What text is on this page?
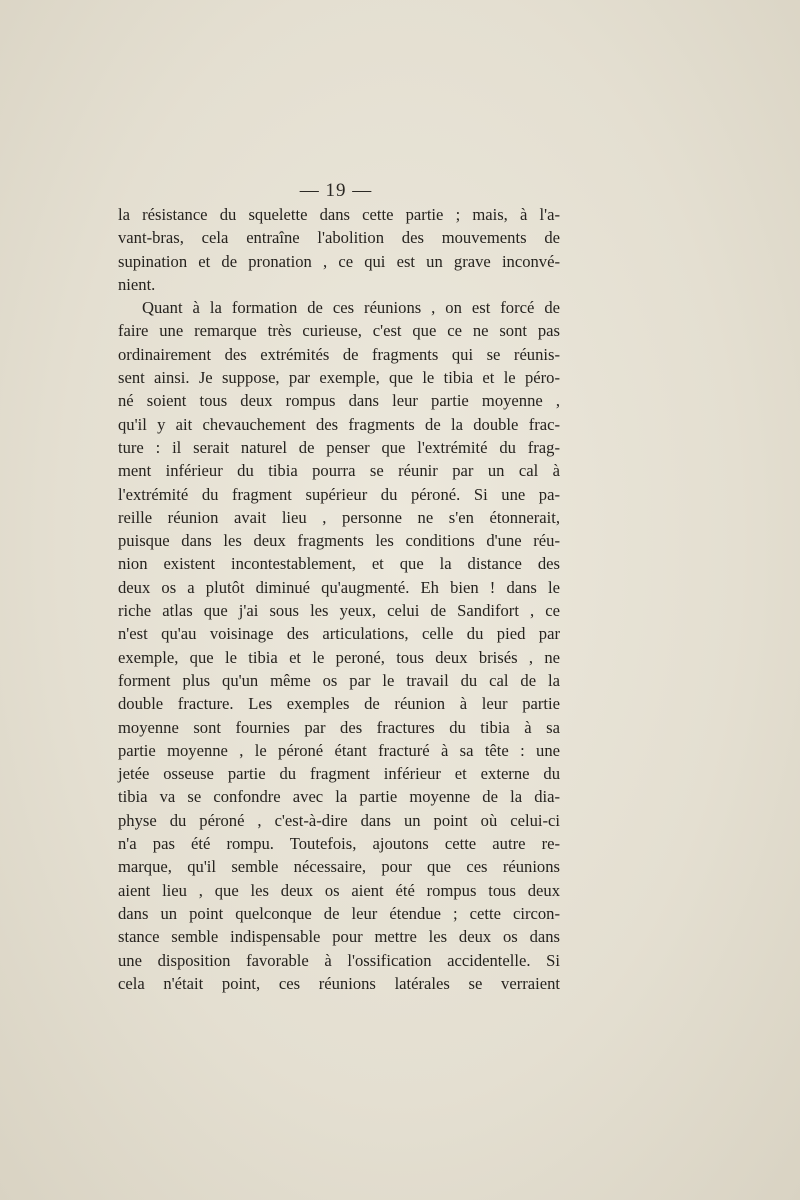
— 19 —
la résistance du squelette dans cette partie ; mais, à l'a-
vant-bras, cela entraîne l'abolition des mouvements de
supination et de pronation , ce qui est un grave inconvé-
nient.
Quant à la formation de ces réunions , on est forcé de
faire une remarque très curieuse, c'est que ce ne sont pas
ordinairement des extrémités de fragments qui se réunis-
sent ainsi. Je suppose, par exemple, que le tibia et le péro-
né soient tous deux rompus dans leur partie moyenne ,
qu'il y ait chevauchement des fragments de la double frac-
ture : il serait naturel de penser que l'extrémité du frag-
ment inférieur du tibia pourra se réunir par un cal à
l'extrémité du fragment supérieur du péroné. Si une pa-
reille réunion avait lieu , personne ne s'en étonnerait,
puisque dans les deux fragments les conditions d'une réu-
nion existent incontestablement, et que la distance des
deux os a plutôt diminué qu'augmenté. Eh bien ! dans le
riche atlas que j'ai sous les yeux, celui de Sandifort , ce
n'est qu'au voisinage des articulations, celle du pied par
exemple, que le tibia et le peroné, tous deux brisés , ne
forment plus qu'un même os par le travail du cal de la
double fracture. Les exemples de réunion à leur partie
moyenne sont fournies par des fractures du tibia à sa
partie moyenne , le péroné étant fracturé à sa tête : une
jetée osseuse partie du fragment inférieur et externe du
tibia va se confondre avec la partie moyenne de la dia-
physe du péroné , c'est-à-dire dans un point où celui-ci
n'a pas été rompu. Toutefois, ajoutons cette autre re-
marque, qu'il semble nécessaire, pour que ces réunions
aient lieu , que les deux os aient été rompus tous deux
dans un point quelconque de leur étendue ; cette circon-
stance semble indispensable pour mettre les deux os dans
une disposition favorable à l'ossification accidentelle. Si
cela n'était point, ces réunions latérales se verraient
